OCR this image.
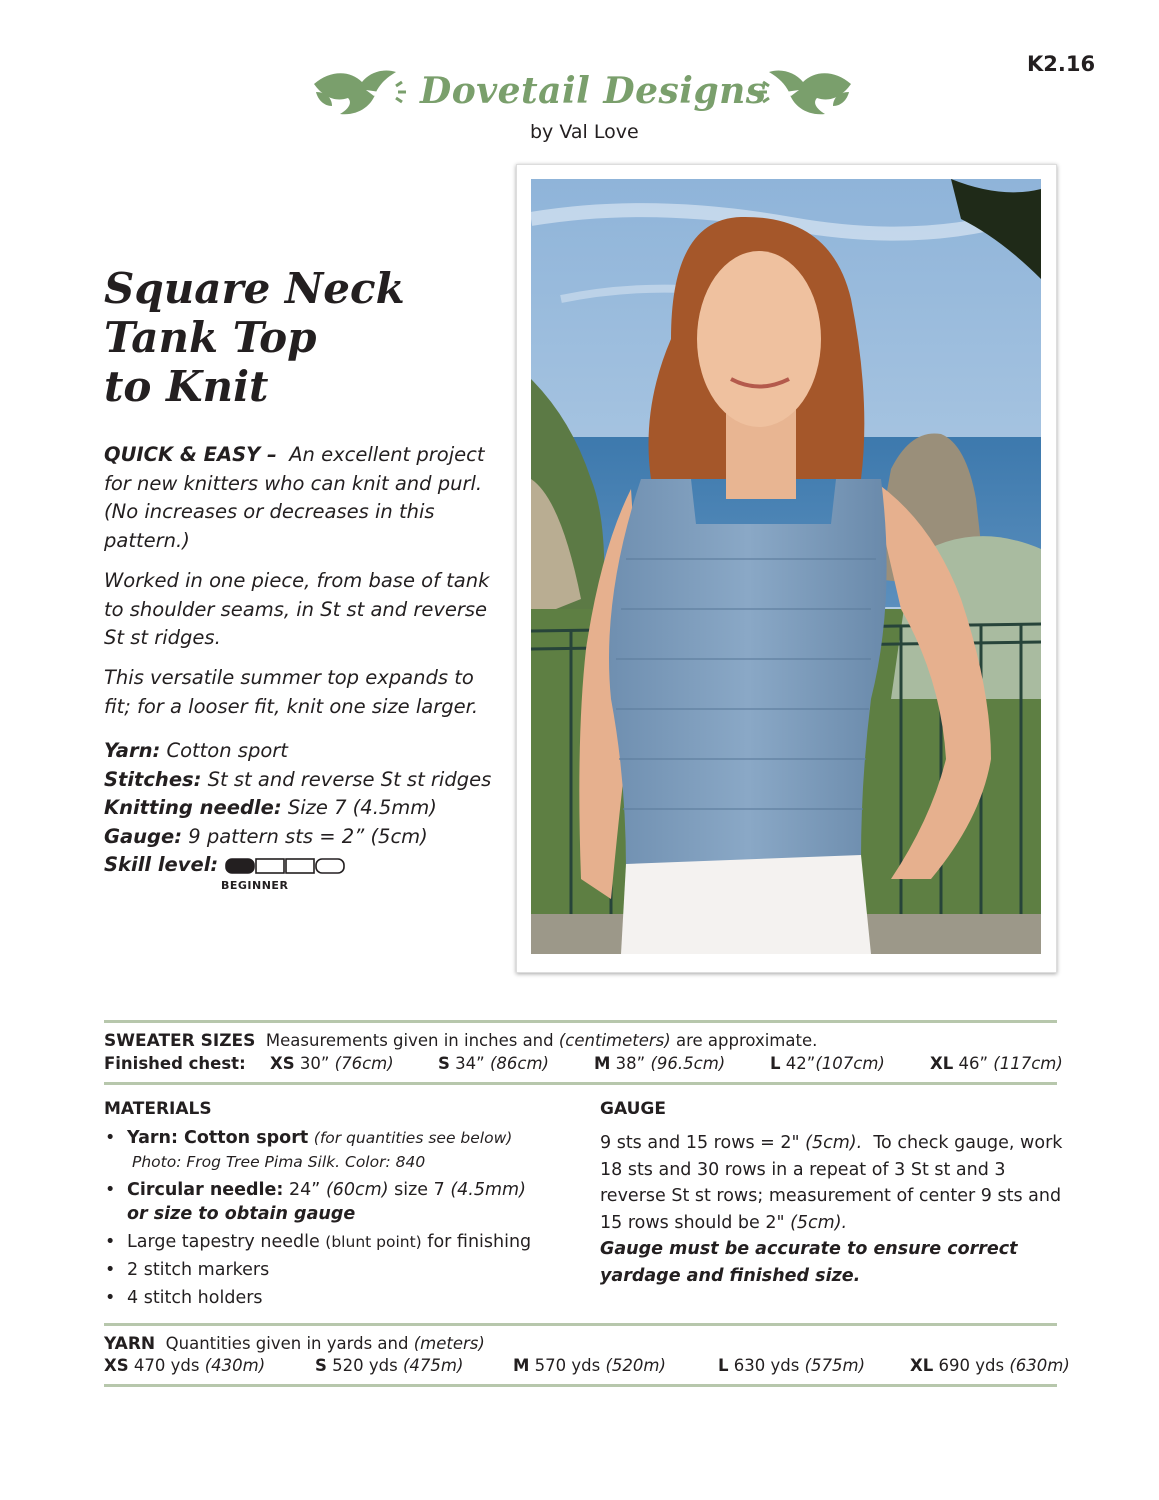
K2.16
Dovetail Designs
by Val Love
Square Neck
Tank Top
to Knit
QUICK & EASY – An excellent project for new knitters who can knit and purl. (No increases or decreases in this pattern.)
Worked in one piece, from base of tank to shoulder seams, in St st and reverse St st ridges.
This versatile summer top expands to fit; for a looser fit, knit one size larger.
Yarn: Cotton sport
Stitches: St st and reverse St st ridges
Knitting needle: Size 7 (4.5mm)
Gauge: 9 pattern sts = 2” (5cm)
Skill level:
BEGINNER
SWEATER SIZES Measurements given in inches and (centimeters) are approximate.
Finished chest: XS 30” (76cm)	S 34” (86cm)	M 38” (96.5cm)	L 42”(107cm)	XL 46” (117cm)
MATERIALS
• Yarn: Cotton sport (for quantities see below)
Photo: Frog Tree Pima Silk. Color: 840
• Circular needle: 24” (60cm) size 7 (4.5mm)
or size to obtain gauge
• Large tapestry needle (blunt point) for finishing
• 2 stitch markers
• 4 stitch holders
GAUGE
9 sts and 15 rows = 2" (5cm). To check gauge, work
18 sts and 30 rows in a repeat of 3 St st and 3
reverse St st rows; measurement of center 9 sts and
15 rows should be 2" (5cm).
Gauge must be accurate to ensure correct
yardage and finished size.
YARN Quantities given in yards and (meters)
XS 470 yds (430m)	S 520 yds (475m)	M 570 yds (520m)	L 630 yds (575m)	XL 690 yds (630m)
